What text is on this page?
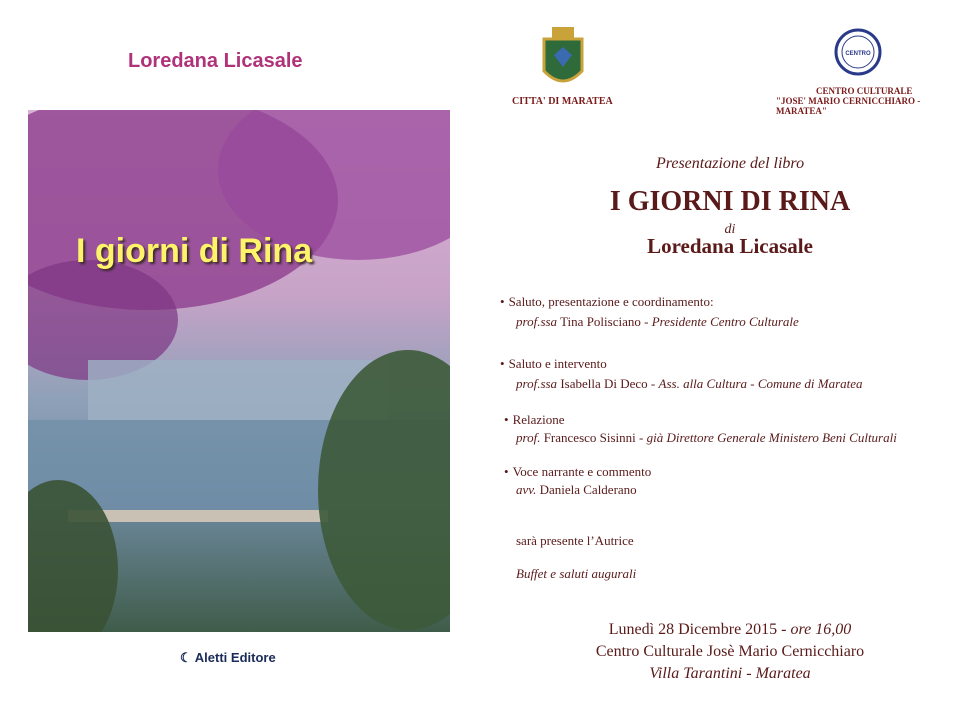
Loredana Licasale
I giorni di Rina
☾ Aletti Editore
CITTA' DI MARATEA
CENTRO
CENTRO CULTURALE
"JOSE' MARIO CERNICCHIARO - MARATEA"
Presentazione del libro
I GIORNI DI RINA
di
Loredana Licasale
• Saluto, presentazione e coordinamento:
prof.ssa Tina Polisciano - Presidente Centro Culturale
• Saluto e intervento
prof.ssa Isabella Di Deco - Ass. alla Cultura - Comune di Maratea
• Relazione
prof. Francesco Sisinni - già Direttore Generale Ministero Beni Culturali
• Voce narrante e commento
avv. Daniela Calderano
sarà presente l’Autrice
Buffet e saluti augurali
Lunedì 28 Dicembre 2015 - ore 16,00
Centro Culturale Josè Mario Cernicchiaro
Villa Tarantini - Maratea
